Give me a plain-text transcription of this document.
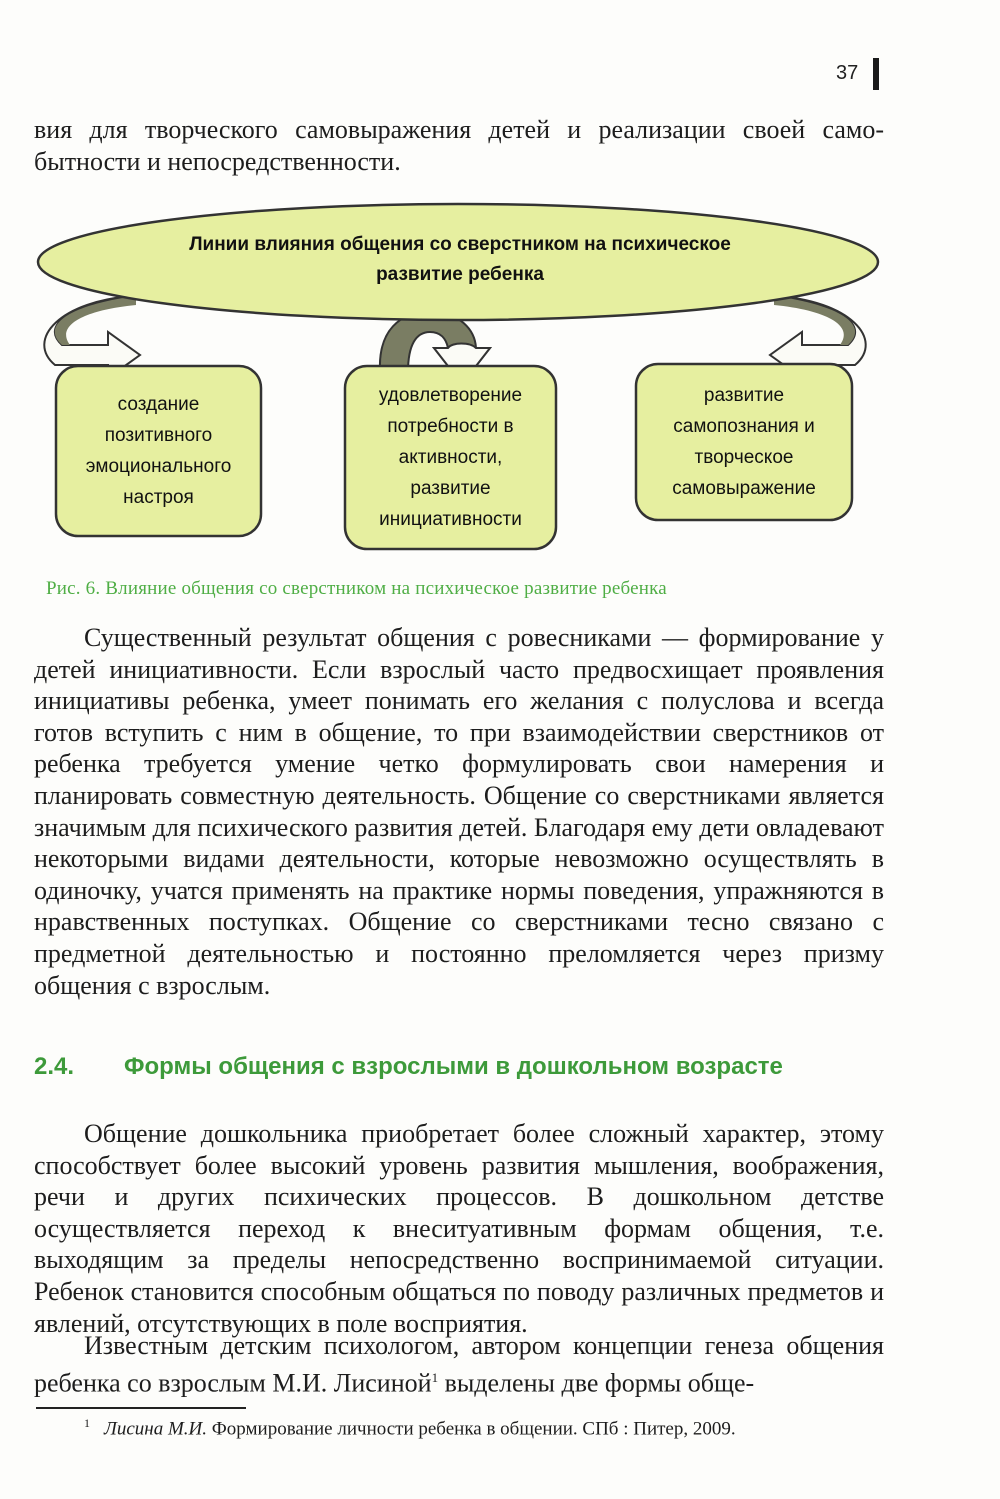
37

вия для творческого самовыражения детей и реализации своей само-

бытности и непосредственности.

Линии влияния общения со сверстником на психическое развитие ребенка
создание позитивного эмоционального настроя
удовлетворение потребности в активности, развитие инициативности
развитие самопознания и творческое самовыражение
Рис. 6. Влияние общения со сверстником на психическое развитие ребенка

Существенный результат общения с ровесниками — формирование у детей инициативности. Если взрослый часто предвосхищает проявления инициативы ребенка, умеет понимать его желания с полуслова и всегда готов вступить с ним в общение, то при взаимодействии сверстников от ребенка требуется умение четко формулировать свои намерения и планировать совместную деятельность. Общение со сверстниками является значимым для психического развития детей. Благодаря ему дети овладевают некоторыми видами деятельности, которые невозможно осуществлять в одиночку, учатся применять на практике нормы поведения, упражняются в нравственных поступках. Общение со сверстниками тесно связано с предметной деятельностью и постоянно преломляется через призму общения с взрослым.

2.4. Формы общения с взрослыми в дошкольном возрасте

Общение дошкольника приобретает более сложный характер, этому способствует более высокий уровень развития мышления, воображения, речи и других психических процессов. В дошкольном детстве осуществляется переход к внеситуативным формам общения, т.е. выходящим за пределы непосредственно воспринимаемой ситуации. Ребенок становится способным общаться по поводу различных предметов и явлений, отсутствующих в поле восприятия.

Известным детским психологом, автором концепции генеза общения ребенка со взрослым М.И. Лисиной$^1$ выделены две формы обще-

$^1$ Лисина М.И. Формирование личности ребенка в общении. СПб : Питер, 2009.
